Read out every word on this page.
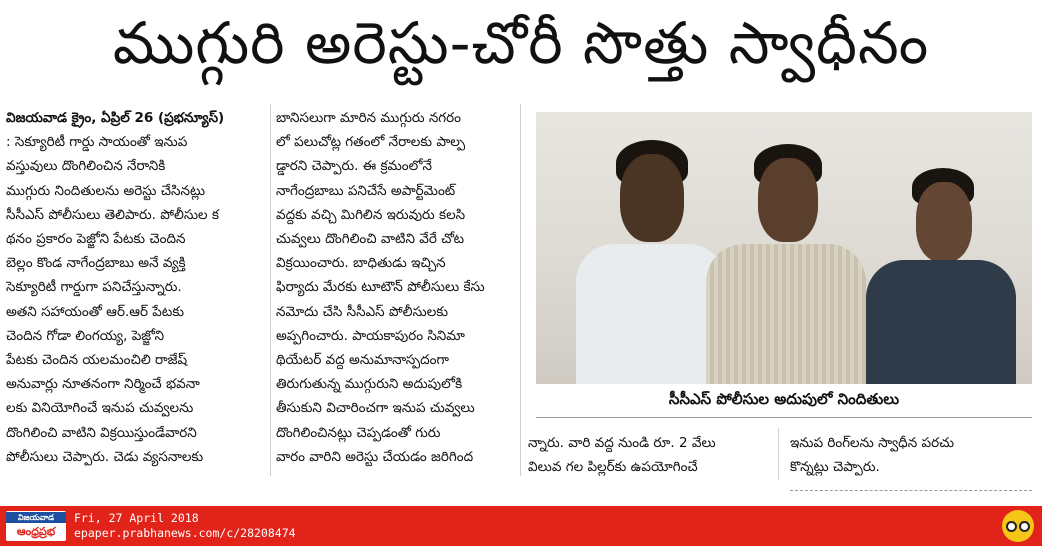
ముగ్గురి అరెస్టు-చోరీ సొత్తు స్వాధీనం

విజయవాడ క్రైం, ఏప్రిల్ 26 (ప్రభన్యూస్)

: సెక్యూరిటీ గార్డు సాయంతో ఇనుప

వస్తువులు దొంగిలించిన నేరానికి

ముగ్గురు నిందితులను అరెస్టు చేసినట్లు

సీసీఎస్ పోలీసులు తెలిపారు. పోలీసుల క

థనం ప్రకారం పెజ్జోని పేటకు చెందిన

బెల్లం కొండ నాగేంద్రబాబు అనే వ్యక్తి

సెక్యూరిటీ గార్డుగా పనిచేస్తున్నారు.

అతని సహాయంతో ఆర్.ఆర్ పేటకు

చెందిన గోడా లింగయ్య, పెజ్జోని

పేటకు చెందిన యలమంచిలి రాజేష్

అనువార్లు నూతనంగా నిర్మించే భవనా

లకు వినియోగించే ఇనుప చువ్వలను

దొంగిలించి వాటిని విక్రయిస్తుండేవారని

పోలీసులు చెప్పారు. చెడు వ్యసనాలకు

బానిసలుగా మారిన ముగ్గురు నగరం

లో పలుచోట్ల గతంలో నేరాలకు పాల్ప

డ్డారని చెప్పారు. ఈ క్రమంలోనే

నాగేంద్రబాబు పనిచేసే అపార్ట్‌మెంట్

వద్దకు వచ్చి మిగిలిన ఇరువురు కలసి

చువ్వలు దొంగిలించి వాటిని వేరే చోట

విక్రయించారు. బాధితుడు ఇచ్చిన

ఫిర్యాదు మేరకు టూటౌన్ పోలీసులు కేసు

నమోదు చేసి సీసీఎస్ పోలీసులకు

అప్పగించారు. పాయకాపురం సినిమా

థియేటర్ వద్ద అనుమానాస్పదంగా

తిరుగుతున్న ముగ్గురుని అదుపులోకి

తీసుకుని విచారించగా ఇనుప చువ్వలు

దొంగిలించినట్లు చెప్పడంతో గురు

వారం వారిని అరెస్టు చేయడం జరిగింద

సీసీఎస్ పోలీసుల అదుపులో నిందితులు

న్నారు. వారి వద్ద నుండి రూ. 2 వేలు

విలువ గల పిల్లర్‌కు ఉపయోగించే

ఇనుప రింగ్‌లను స్వాధీన పరచు

కొన్నట్లు చెప్పారు.

విజయవాడ
ఆంధ్రప్రభ
Fri, 27 April 2018
epaper.prabhanews.com/c/28208474
